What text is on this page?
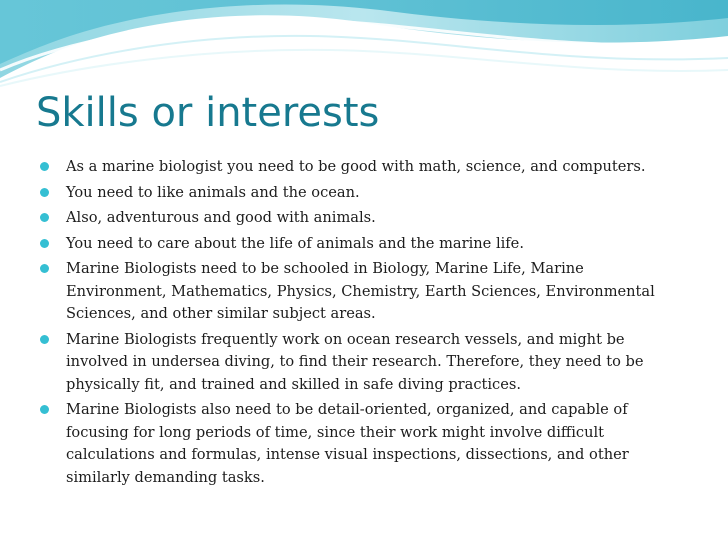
Skills or interests
As a marine biologist you need to be good with math, science, and computers.
You need to like animals and the ocean.
Also, adventurous and good with animals.
You need to care about the life of animals and the marine life.
Marine Biologists need to be schooled in Biology, Marine Life, Marine Environment, Mathematics, Physics, Chemistry, Earth Sciences, Environmental Sciences, and other similar subject areas.
Marine Biologists frequently work on ocean research vessels, and might be involved in undersea diving, to find their research. Therefore, they need to be physically fit, and trained and skilled in safe diving practices.
Marine Biologists also need to be detail-oriented, organized, and capable of focusing for long periods of time, since their work might involve difficult calculations and formulas, intense visual inspections, dissections, and other similarly demanding tasks.
